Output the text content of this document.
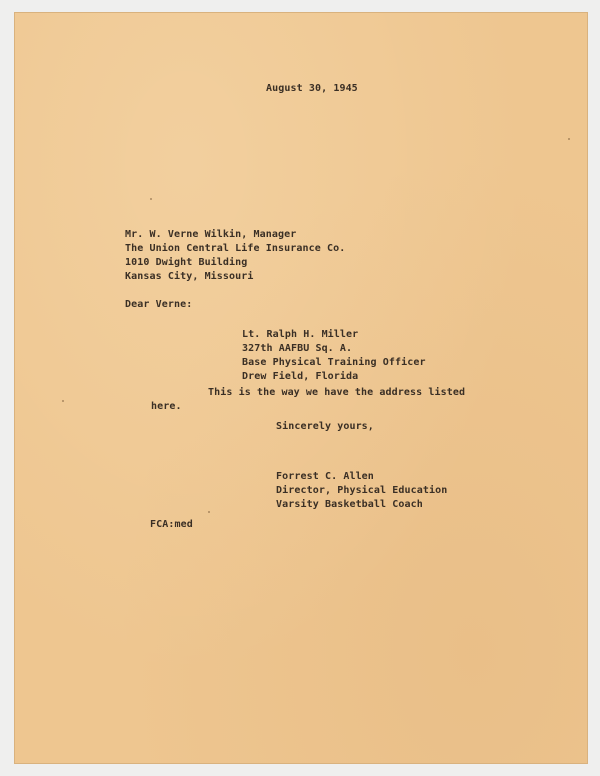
August 30, 1945
Mr. W. Verne Wilkin, Manager
The Union Central Life Insurance Co.
1010 Dwight Building
Kansas City, Missouri
Dear Verne:
Lt. Ralph H. Miller
327th AAFBU Sq. A.
Base Physical Training Officer
Drew Field, Florida
This is the way we have the address listed
here.
Sincerely yours,
Forrest C. Allen
Director, Physical Education
Varsity Basketball Coach
FCA:med
